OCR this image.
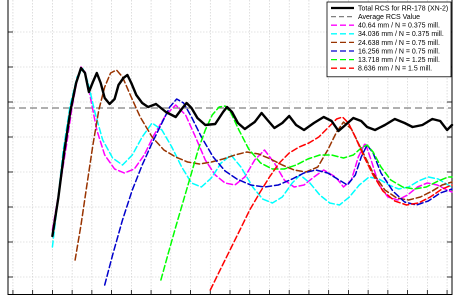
Total RCS for RR-178 (XN-2)
Average RCS Value
40.64 mm / N = 0.375 mill.
34.036 mm / N = 0.375 mill.
24.638 mm / N = 0.75 mill.
16.256 mm / N = 0.75 mill.
13.718 mm / N = 1.25 mill.
8.636 mm / N = 1.5 mill.
